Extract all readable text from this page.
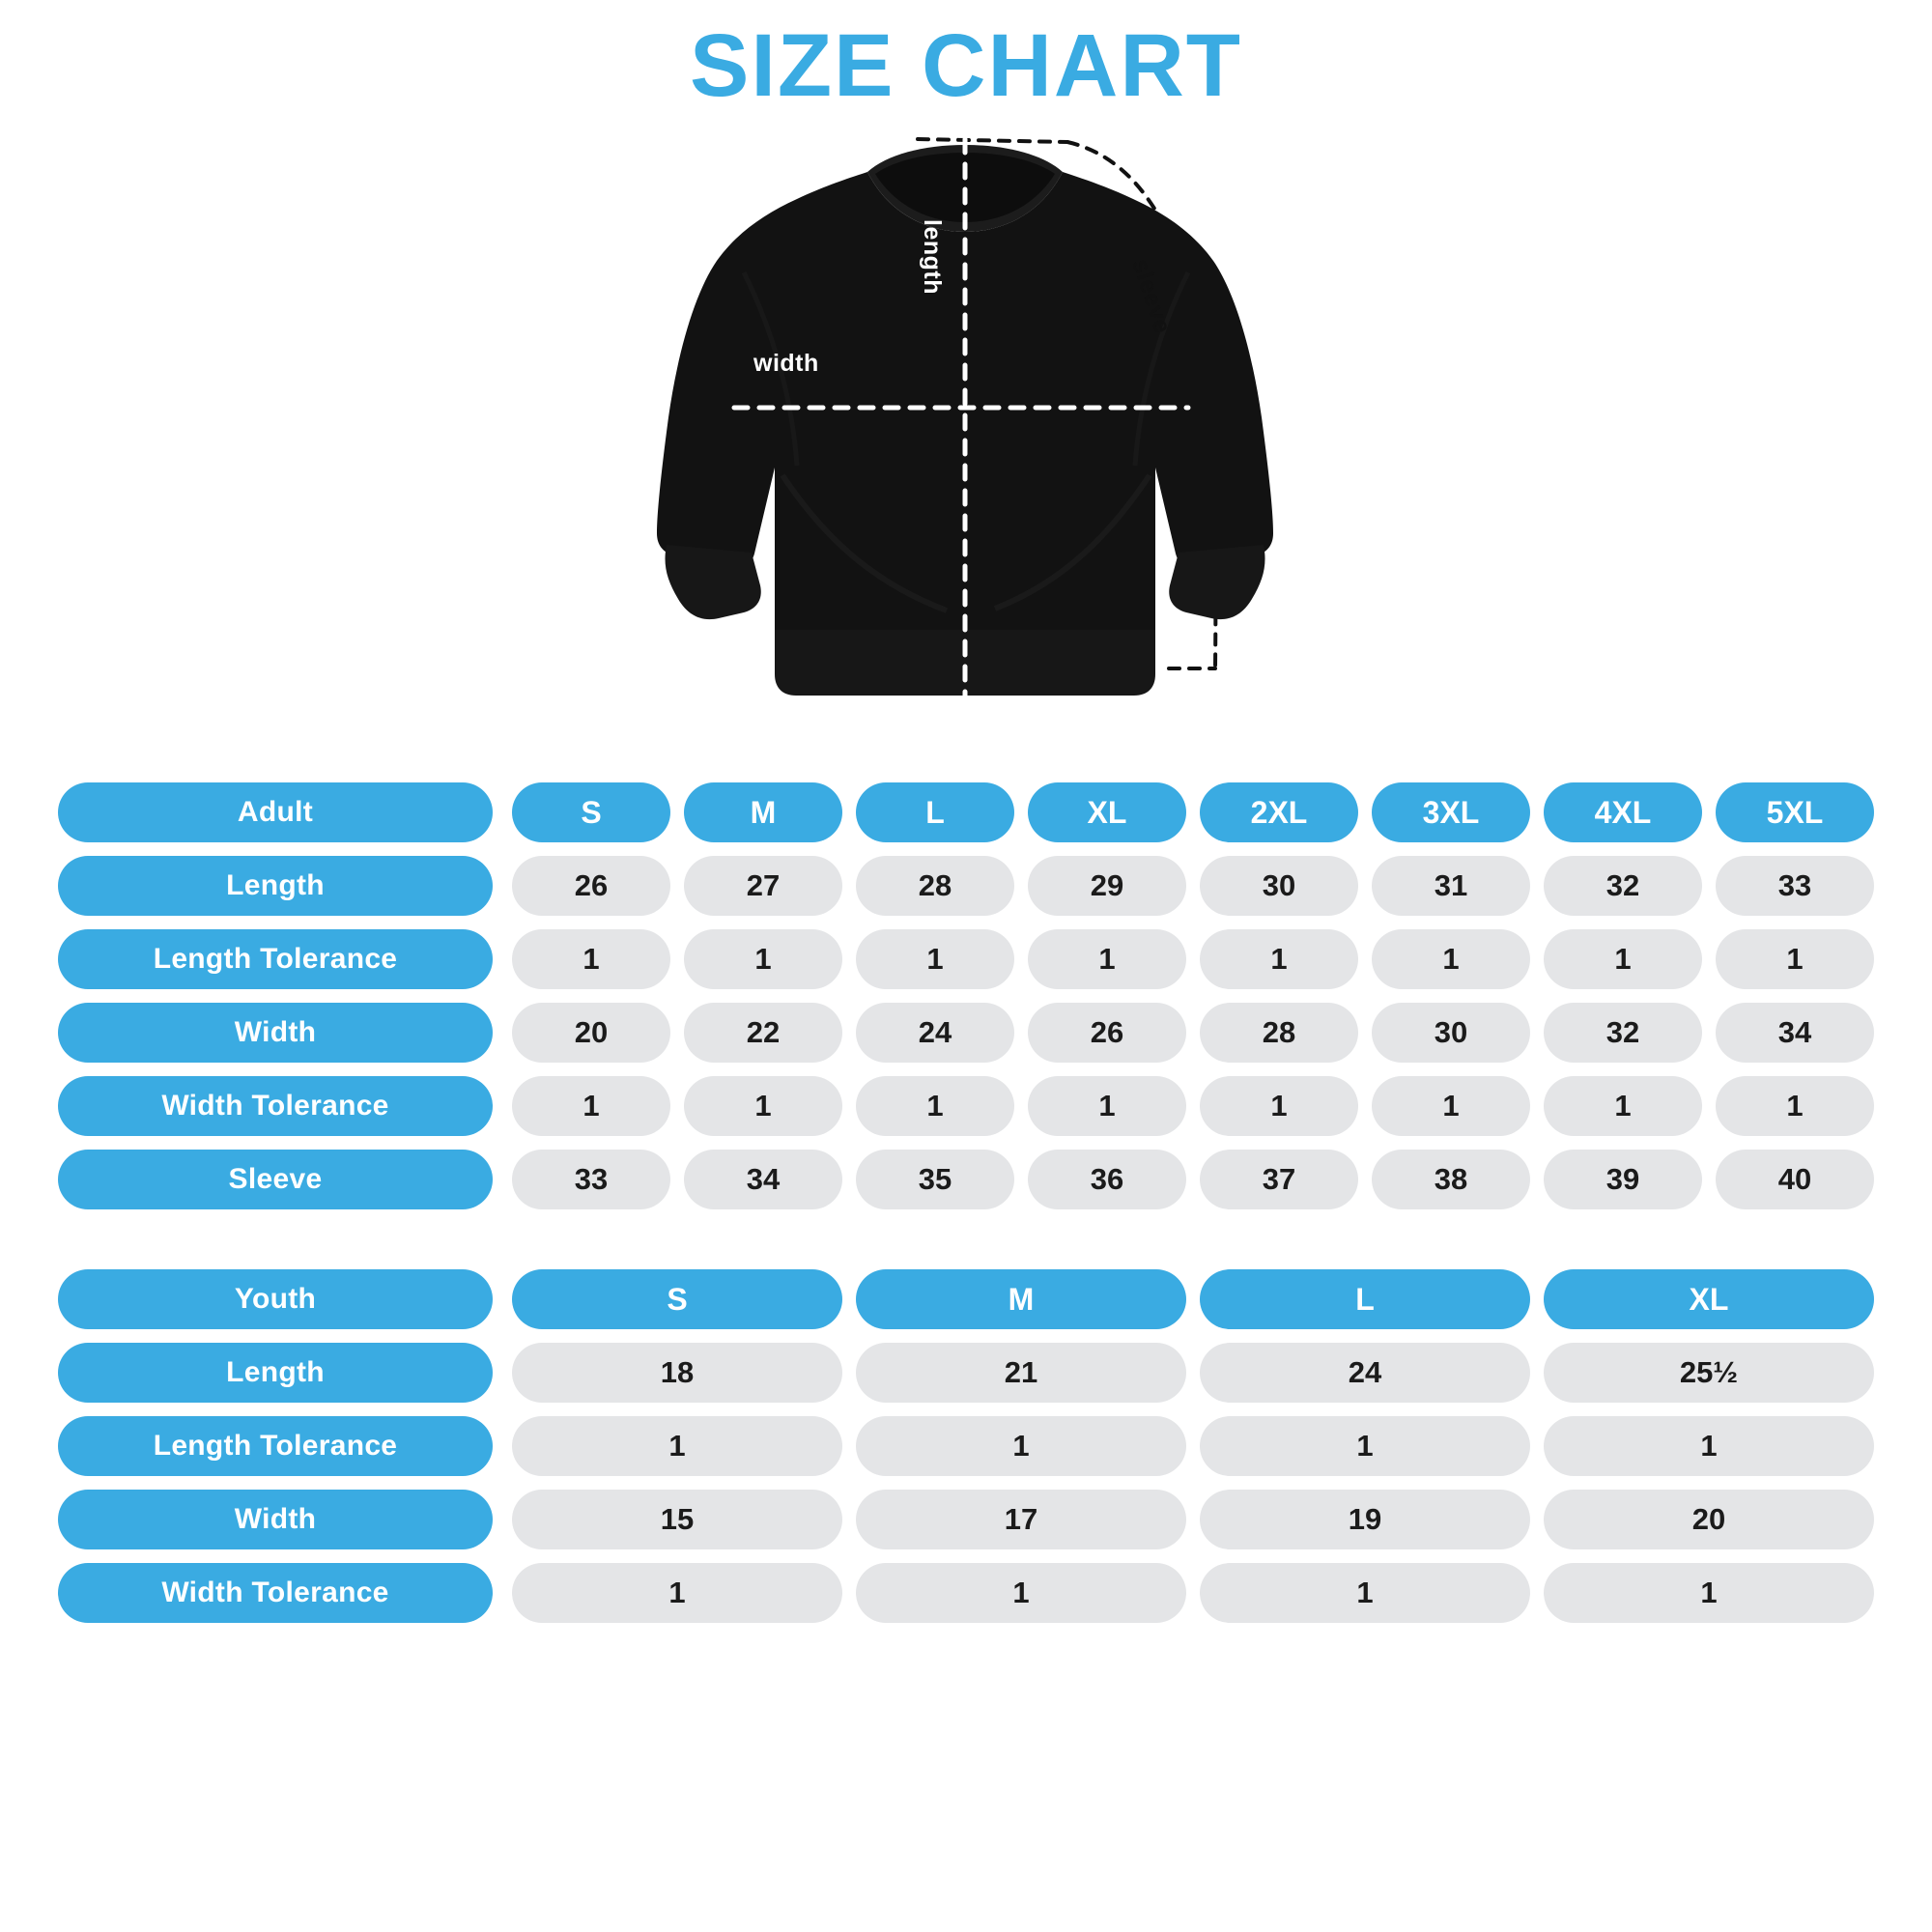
SIZE CHART
width
length	sleeve
Adult	S	M	L	XL	2XL	3XL	4XL	5XL
Length	26	27	28	29	30	31	32	33
Length Tolerance	1	1	1	1	1	1	1	1
Width	20	22	24	26	28	30	32	34
Width Tolerance	1	1	1	1	1	1	1	1
Sleeve	33	34	35	36	37	38	39	40
Youth	S	M	L	XL
Length	18	21	24	25½
Length Tolerance	1	1	1	1
Width	15	17	19	20
Width Tolerance	1	1	1	1
